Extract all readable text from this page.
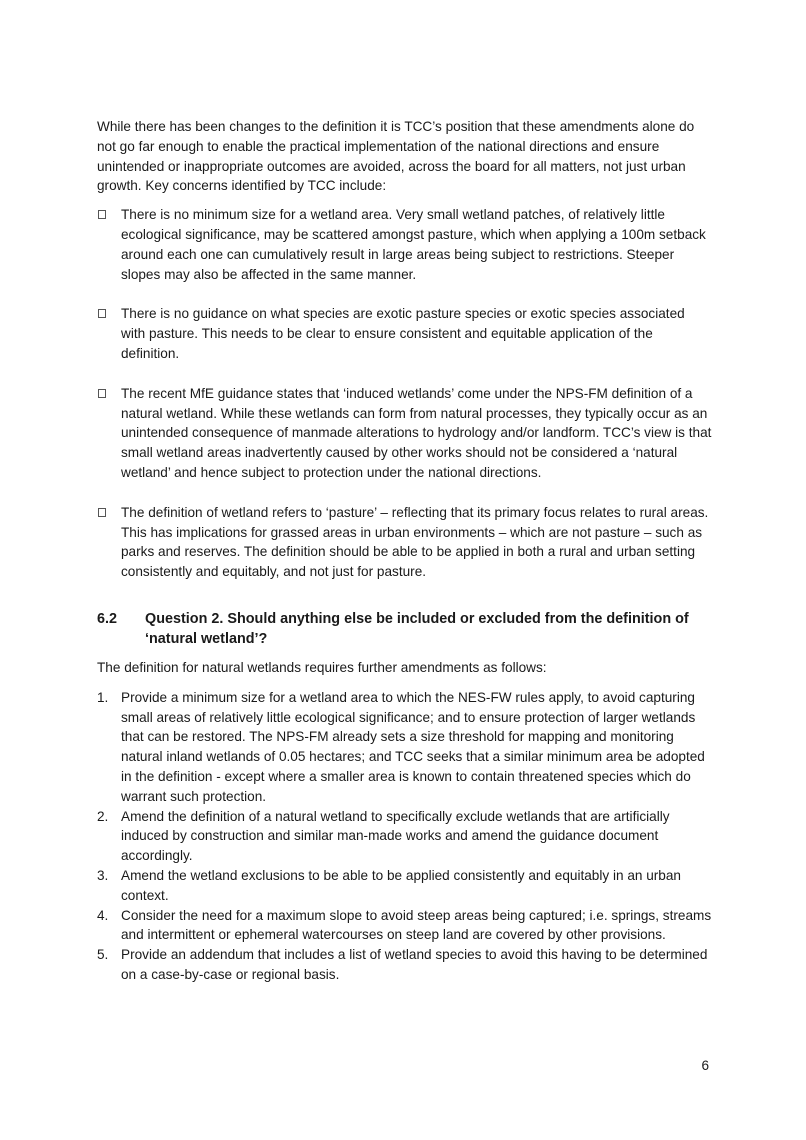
While there has been changes to the definition it is TCC’s position that these amendments alone do not go far enough to enable the practical implementation of the national directions and ensure unintended or inappropriate outcomes are avoided, across the board for all matters, not just urban growth. Key concerns identified by TCC include:

There is no minimum size for a wetland area. Very small wetland patches, of relatively little ecological significance, may be scattered amongst pasture, which when applying a 100m setback around each one can cumulatively result in large areas being subject to restrictions. Steeper slopes may also be affected in the same manner.
There is no guidance on what species are exotic pasture species or exotic species associated with pasture. This needs to be clear to ensure consistent and equitable application of the definition.
The recent MfE guidance states that ‘induced wetlands’ come under the NPS-FM definition of a natural wetland. While these wetlands can form from natural processes, they typically occur as an unintended consequence of manmade alterations to hydrology and/or landform. TCC’s view is that small wetland areas inadvertently caused by other works should not be considered a ‘natural wetland’ and hence subject to protection under the national directions.
The definition of wetland refers to ‘pasture’ – reflecting that its primary focus relates to rural areas. This has implications for grassed areas in urban environments – which are not pasture – such as parks and reserves. The definition should be able to be applied in both a rural and urban setting consistently and equitably, and not just for pasture.
6.2	Question 2. Should anything else be included or excluded from the definition of ‘natural wetland’?

The definition for natural wetlands requires further amendments as follows:

1. Provide a minimum size for a wetland area to which the NES-FW rules apply, to avoid capturing small areas of relatively little ecological significance; and to ensure protection of larger wetlands that can be restored. The NPS-FM already sets a size threshold for mapping and monitoring natural inland wetlands of 0.05 hectares; and TCC seeks that a similar minimum area be adopted in the definition - except where a smaller area is known to contain threatened species which do warrant such protection.
2. Amend the definition of a natural wetland to specifically exclude wetlands that are artificially induced by construction and similar man-made works and amend the guidance document accordingly.
3. Amend the wetland exclusions to be able to be applied consistently and equitably in an urban context.
4. Consider the need for a maximum slope to avoid steep areas being captured; i.e. springs, streams and intermittent or ephemeral watercourses on steep land are covered by other provisions.
5. Provide an addendum that includes a list of wetland species to avoid this having to be determined on a case-by-case or regional basis.
6
